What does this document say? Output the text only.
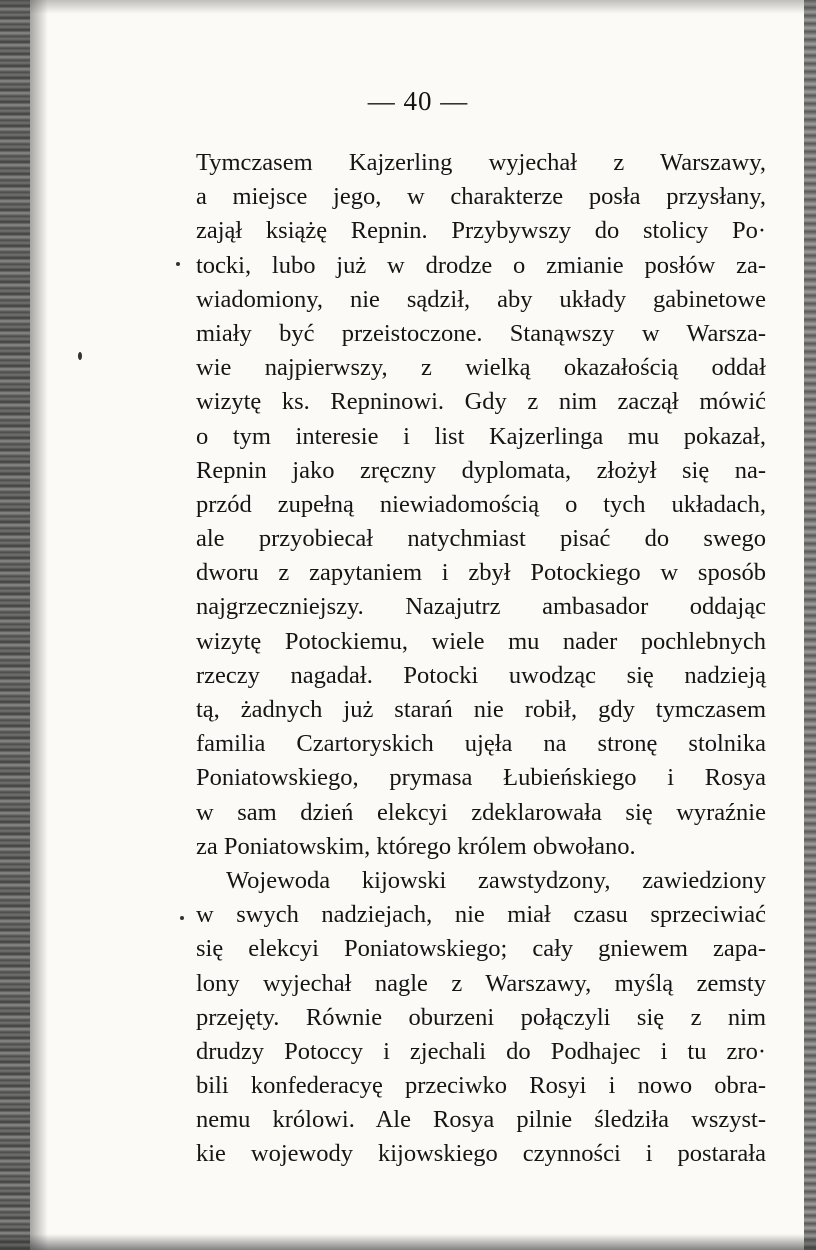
— 40 —
Tymczasem Kajzerling wyjechał z Warszawy,
a miejsce jego, w charakterze posła przysłany,
zajął książę Repnin. Przybywszy do stolicy Po·
tocki, lubo już w drodze o zmianie posłów za-
wiadomiony, nie sądził, aby układy gabinetowe
miały być przeistoczone. Stanąwszy w Warsza-
wie najpierwszy, z wielką okazałością oddał
wizytę ks. Repninowi. Gdy z nim zaczął mówić
o tym interesie i list Kajzerlinga mu pokazał,
Repnin jako zręczny dyplomata, złożył się na-
przód zupełną niewiadomością o tych układach,
ale przyobiecał natychmiast pisać do swego
dworu z zapytaniem i zbył Potockiego w sposób
najgrzeczniejszy. Nazajutrz ambasador oddając
wizytę Potockiemu, wiele mu nader pochlebnych
rzeczy nagadał. Potocki uwodząc się nadzieją
tą, żadnych już starań nie robił, gdy tymczasem
familia Czartoryskich ujęła na stronę stolnika
Poniatowskiego, prymasa Łubieńskiego i Rosya
w sam dzień elekcyi zdeklarowała się wyraźnie
za Poniatowskim, którego królem obwołano.
Wojewoda kijowski zawstydzony, zawiedziony
w swych nadziejach, nie miał czasu sprzeciwiać
się elekcyi Poniatowskiego; cały gniewem zapa-
lony wyjechał nagle z Warszawy, myślą zemsty
przejęty. Równie oburzeni połączyli się z nim
drudzy Potoccy i zjechali do Podhajec i tu zro·
bili konfederacyę przeciwko Rosyi i nowo obra-
nemu królowi. Ale Rosya pilnie śledziła wszyst-
kie wojewody kijowskiego czynności i postarała
